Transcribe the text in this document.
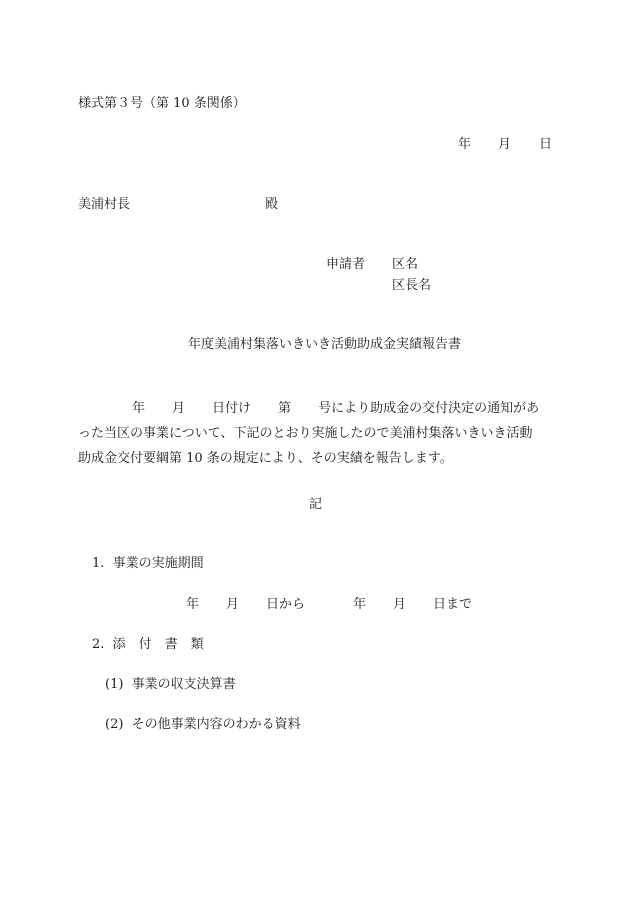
様式第３号（第 10 条関係）
年 月 日
美浦村長	殿
申請者 区名
区長名
年度美浦村集落いきいき活動助成金実績報告書
年 月 日付け 第 号により助成金の交付決定の通知があ
った当区の事業について、下記のとおり実施したので美浦村集落いきいき活動
助成金交付要綱第 10 条の規定により、その実績を報告します。
記
1.  事業の実施期間
年 月 日から	年 月 日まで
2.  添　付　書　類
(1)  事業の収支決算書
(2)  その他事業内容のわかる資料
